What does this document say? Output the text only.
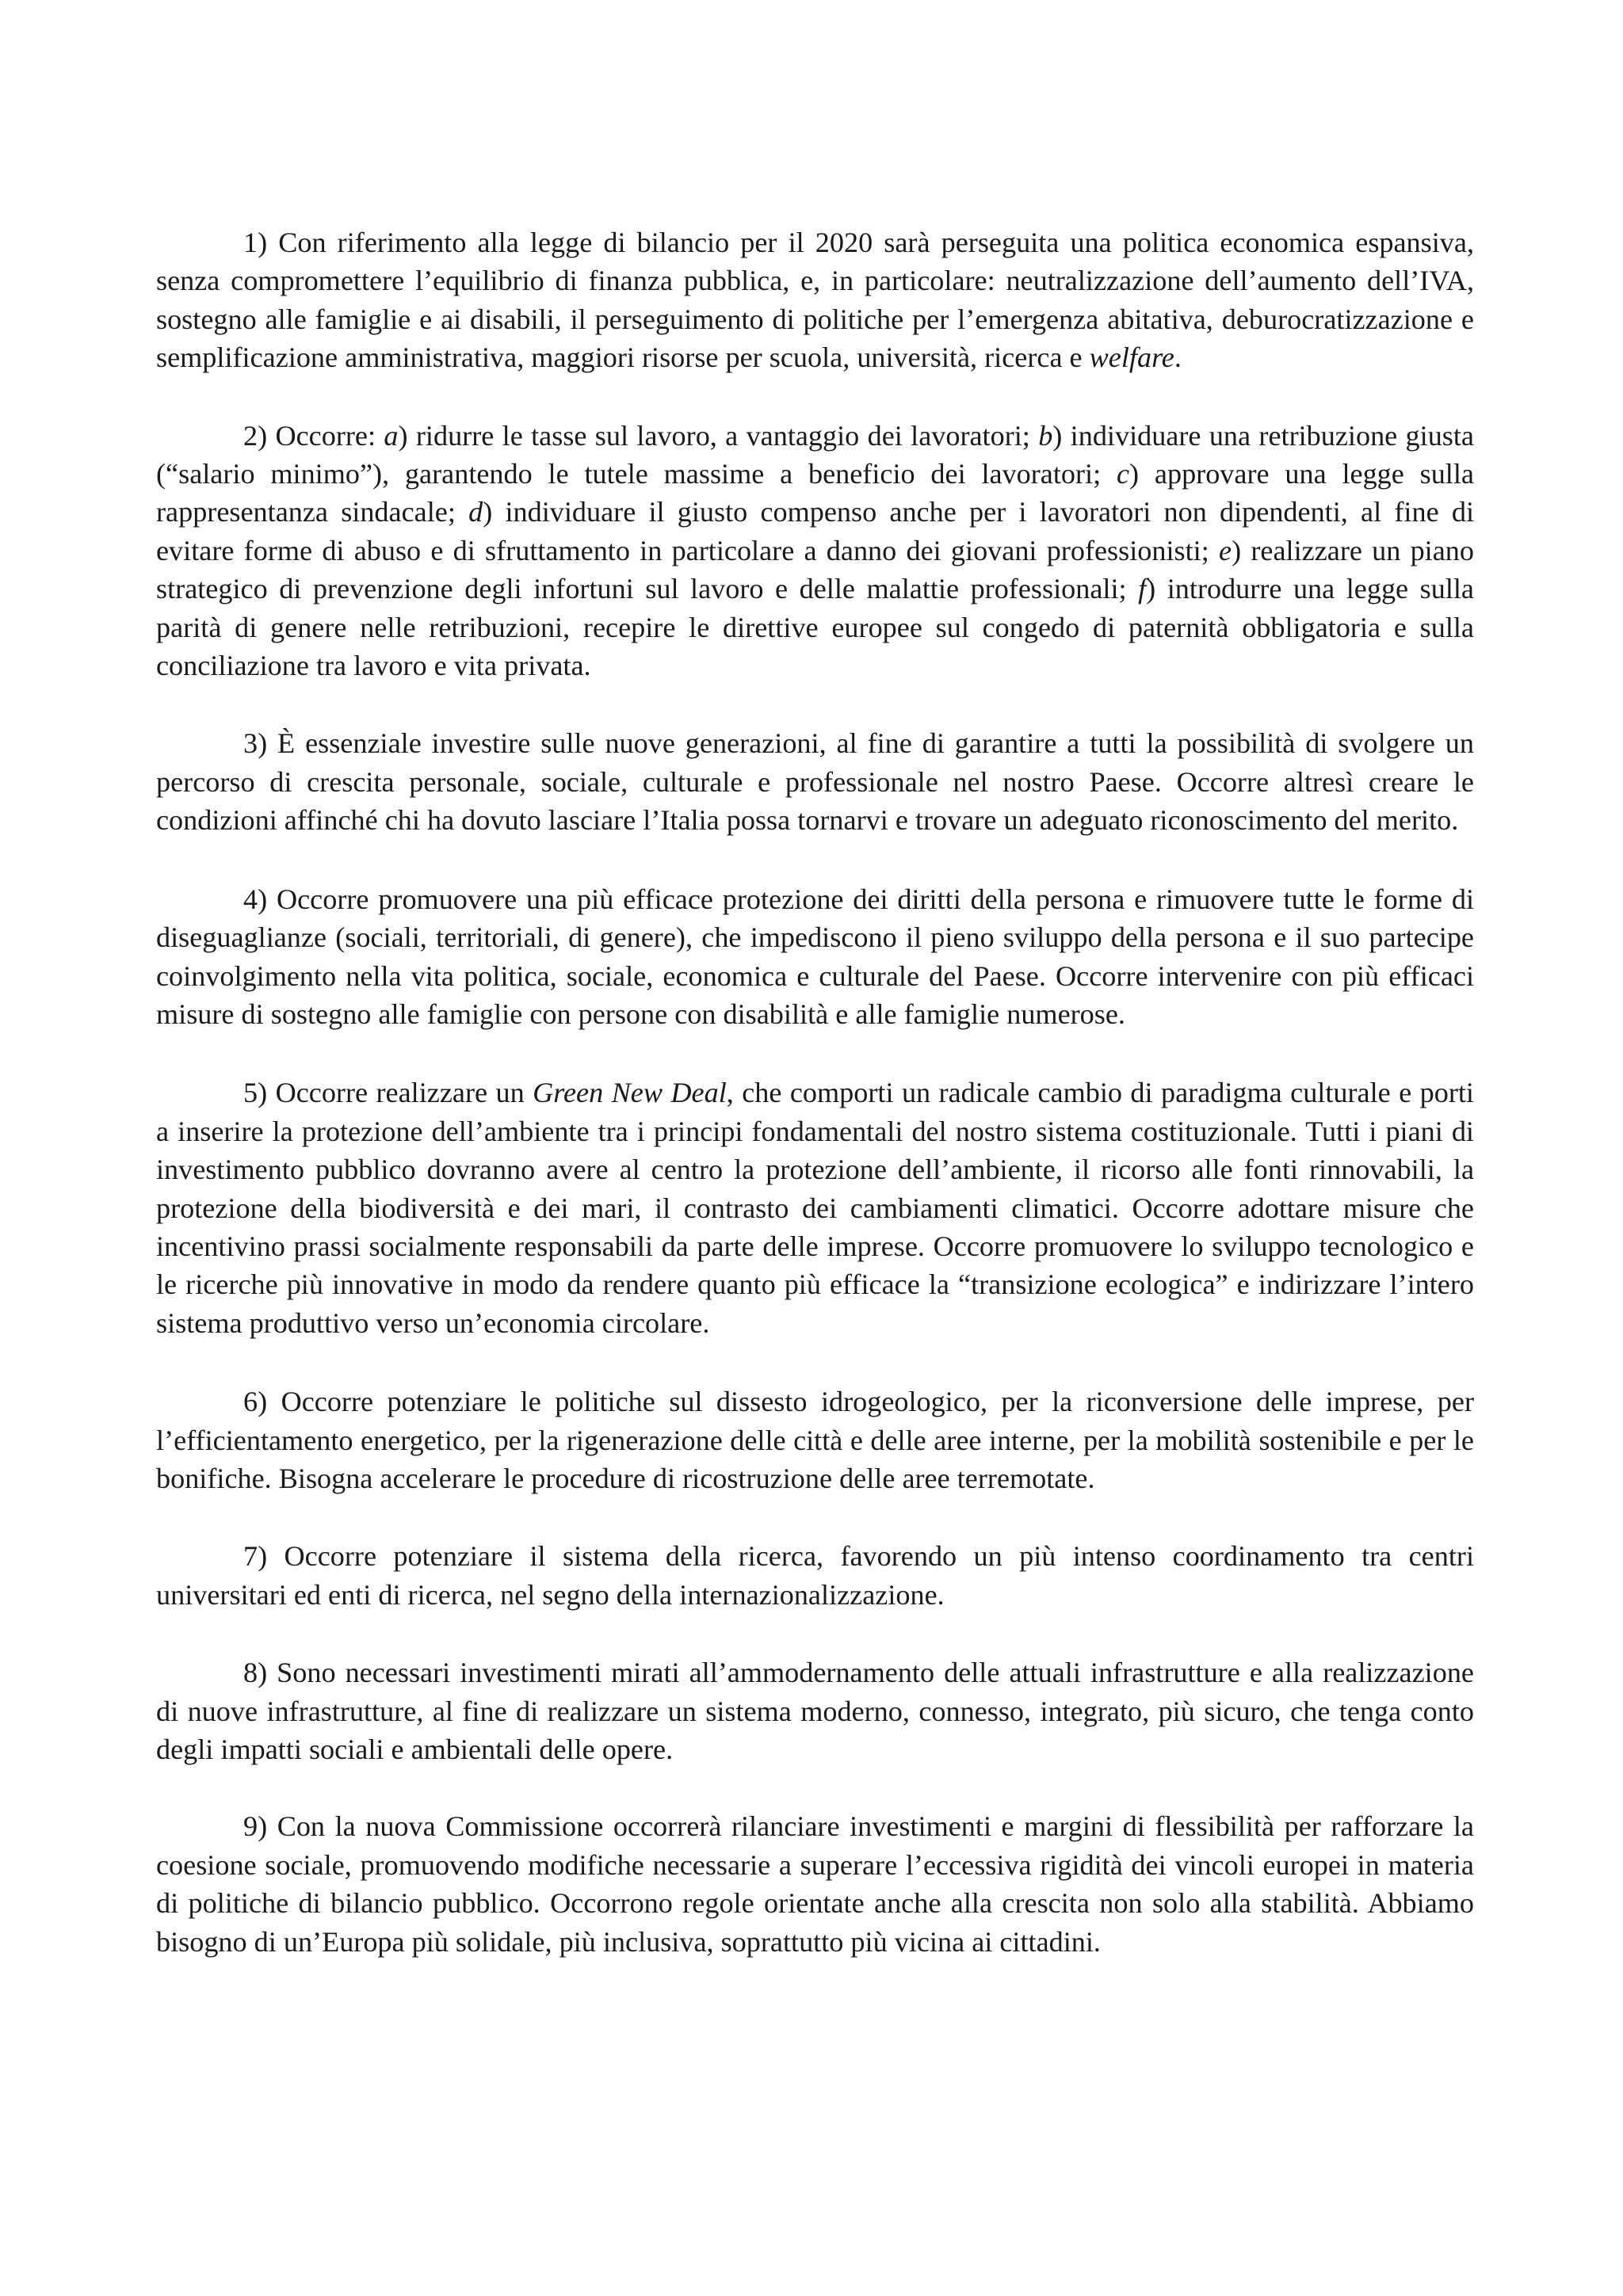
1) Con riferimento alla legge di bilancio per il 2020 sarà perseguita una politica economica espansiva, senza compromettere l’equilibrio di finanza pubblica, e, in particolare: neutralizzazione dell’aumento dell’IVA, sostegno alle famiglie e ai disabili, il perseguimento di politiche per l’emergenza abitativa, deburocratizzazione e semplificazione amministrativa, maggiori risorse per scuola, università, ricerca e welfare.

2) Occorre: a) ridurre le tasse sul lavoro, a vantaggio dei lavoratori; b) individuare una retribuzione giusta (“salario minimo”), garantendo le tutele massime a beneficio dei lavoratori; c) approvare una legge sulla rappresentanza sindacale; d) individuare il giusto compenso anche per i lavoratori non dipendenti, al fine di evitare forme di abuso e di sfruttamento in particolare a danno dei giovani professionisti; e) realizzare un piano strategico di prevenzione degli infortuni sul lavoro e delle malattie professionali; f) introdurre una legge sulla parità di genere nelle retribuzioni, recepire le direttive europee sul congedo di paternità obbligatoria e sulla conciliazione tra lavoro e vita privata.

3) È essenziale investire sulle nuove generazioni, al fine di garantire a tutti la possibilità di svolgere un percorso di crescita personale, sociale, culturale e professionale nel nostro Paese. Occorre altresì creare le condizioni affinché chi ha dovuto lasciare l’Italia possa tornarvi e trovare un adeguato riconoscimento del merito.

4) Occorre promuovere una più efficace protezione dei diritti della persona e rimuovere tutte le forme di diseguaglianze (sociali, territoriali, di genere), che impediscono il pieno sviluppo della persona e il suo partecipe coinvolgimento nella vita politica, sociale, economica e culturale del Paese. Occorre intervenire con più efficaci misure di sostegno alle famiglie con persone con disabilità e alle famiglie numerose.

5) Occorre realizzare un Green New Deal, che comporti un radicale cambio di paradigma culturale e porti a inserire la protezione dell’ambiente tra i principi fondamentali del nostro sistema costituzionale. Tutti i piani di investimento pubblico dovranno avere al centro la protezione dell’ambiente, il ricorso alle fonti rinnovabili, la protezione della biodiversità e dei mari, il contrasto dei cambiamenti climatici. Occorre adottare misure che incentivino prassi socialmente responsabili da parte delle imprese. Occorre promuovere lo sviluppo tecnologico e le ricerche più innovative in modo da rendere quanto più efficace la “transizione ecologica” e indirizzare l’intero sistema produttivo verso un’economia circolare.

6) Occorre potenziare le politiche sul dissesto idrogeologico, per la riconversione delle imprese, per l’efficientamento energetico, per la rigenerazione delle città e delle aree interne, per la mobilità sostenibile e per le bonifiche. Bisogna accelerare le procedure di ricostruzione delle aree terremotate.

7) Occorre potenziare il sistema della ricerca, favorendo un più intenso coordinamento tra centri universitari ed enti di ricerca, nel segno della internazionalizzazione.

8) Sono necessari investimenti mirati all’ammodernamento delle attuali infrastrutture e alla realizzazione di nuove infrastrutture, al fine di realizzare un sistema moderno, connesso, integrato, più sicuro, che tenga conto degli impatti sociali e ambientali delle opere.

9) Con la nuova Commissione occorrerà rilanciare investimenti e margini di flessibilità per rafforzare la coesione sociale, promuovendo modifiche necessarie a superare l’eccessiva rigidità dei vincoli europei in materia di politiche di bilancio pubblico. Occorrono regole orientate anche alla crescita non solo alla stabilità. Abbiamo bisogno di un’Europa più solidale, più inclusiva, soprattutto più vicina ai cittadini.
